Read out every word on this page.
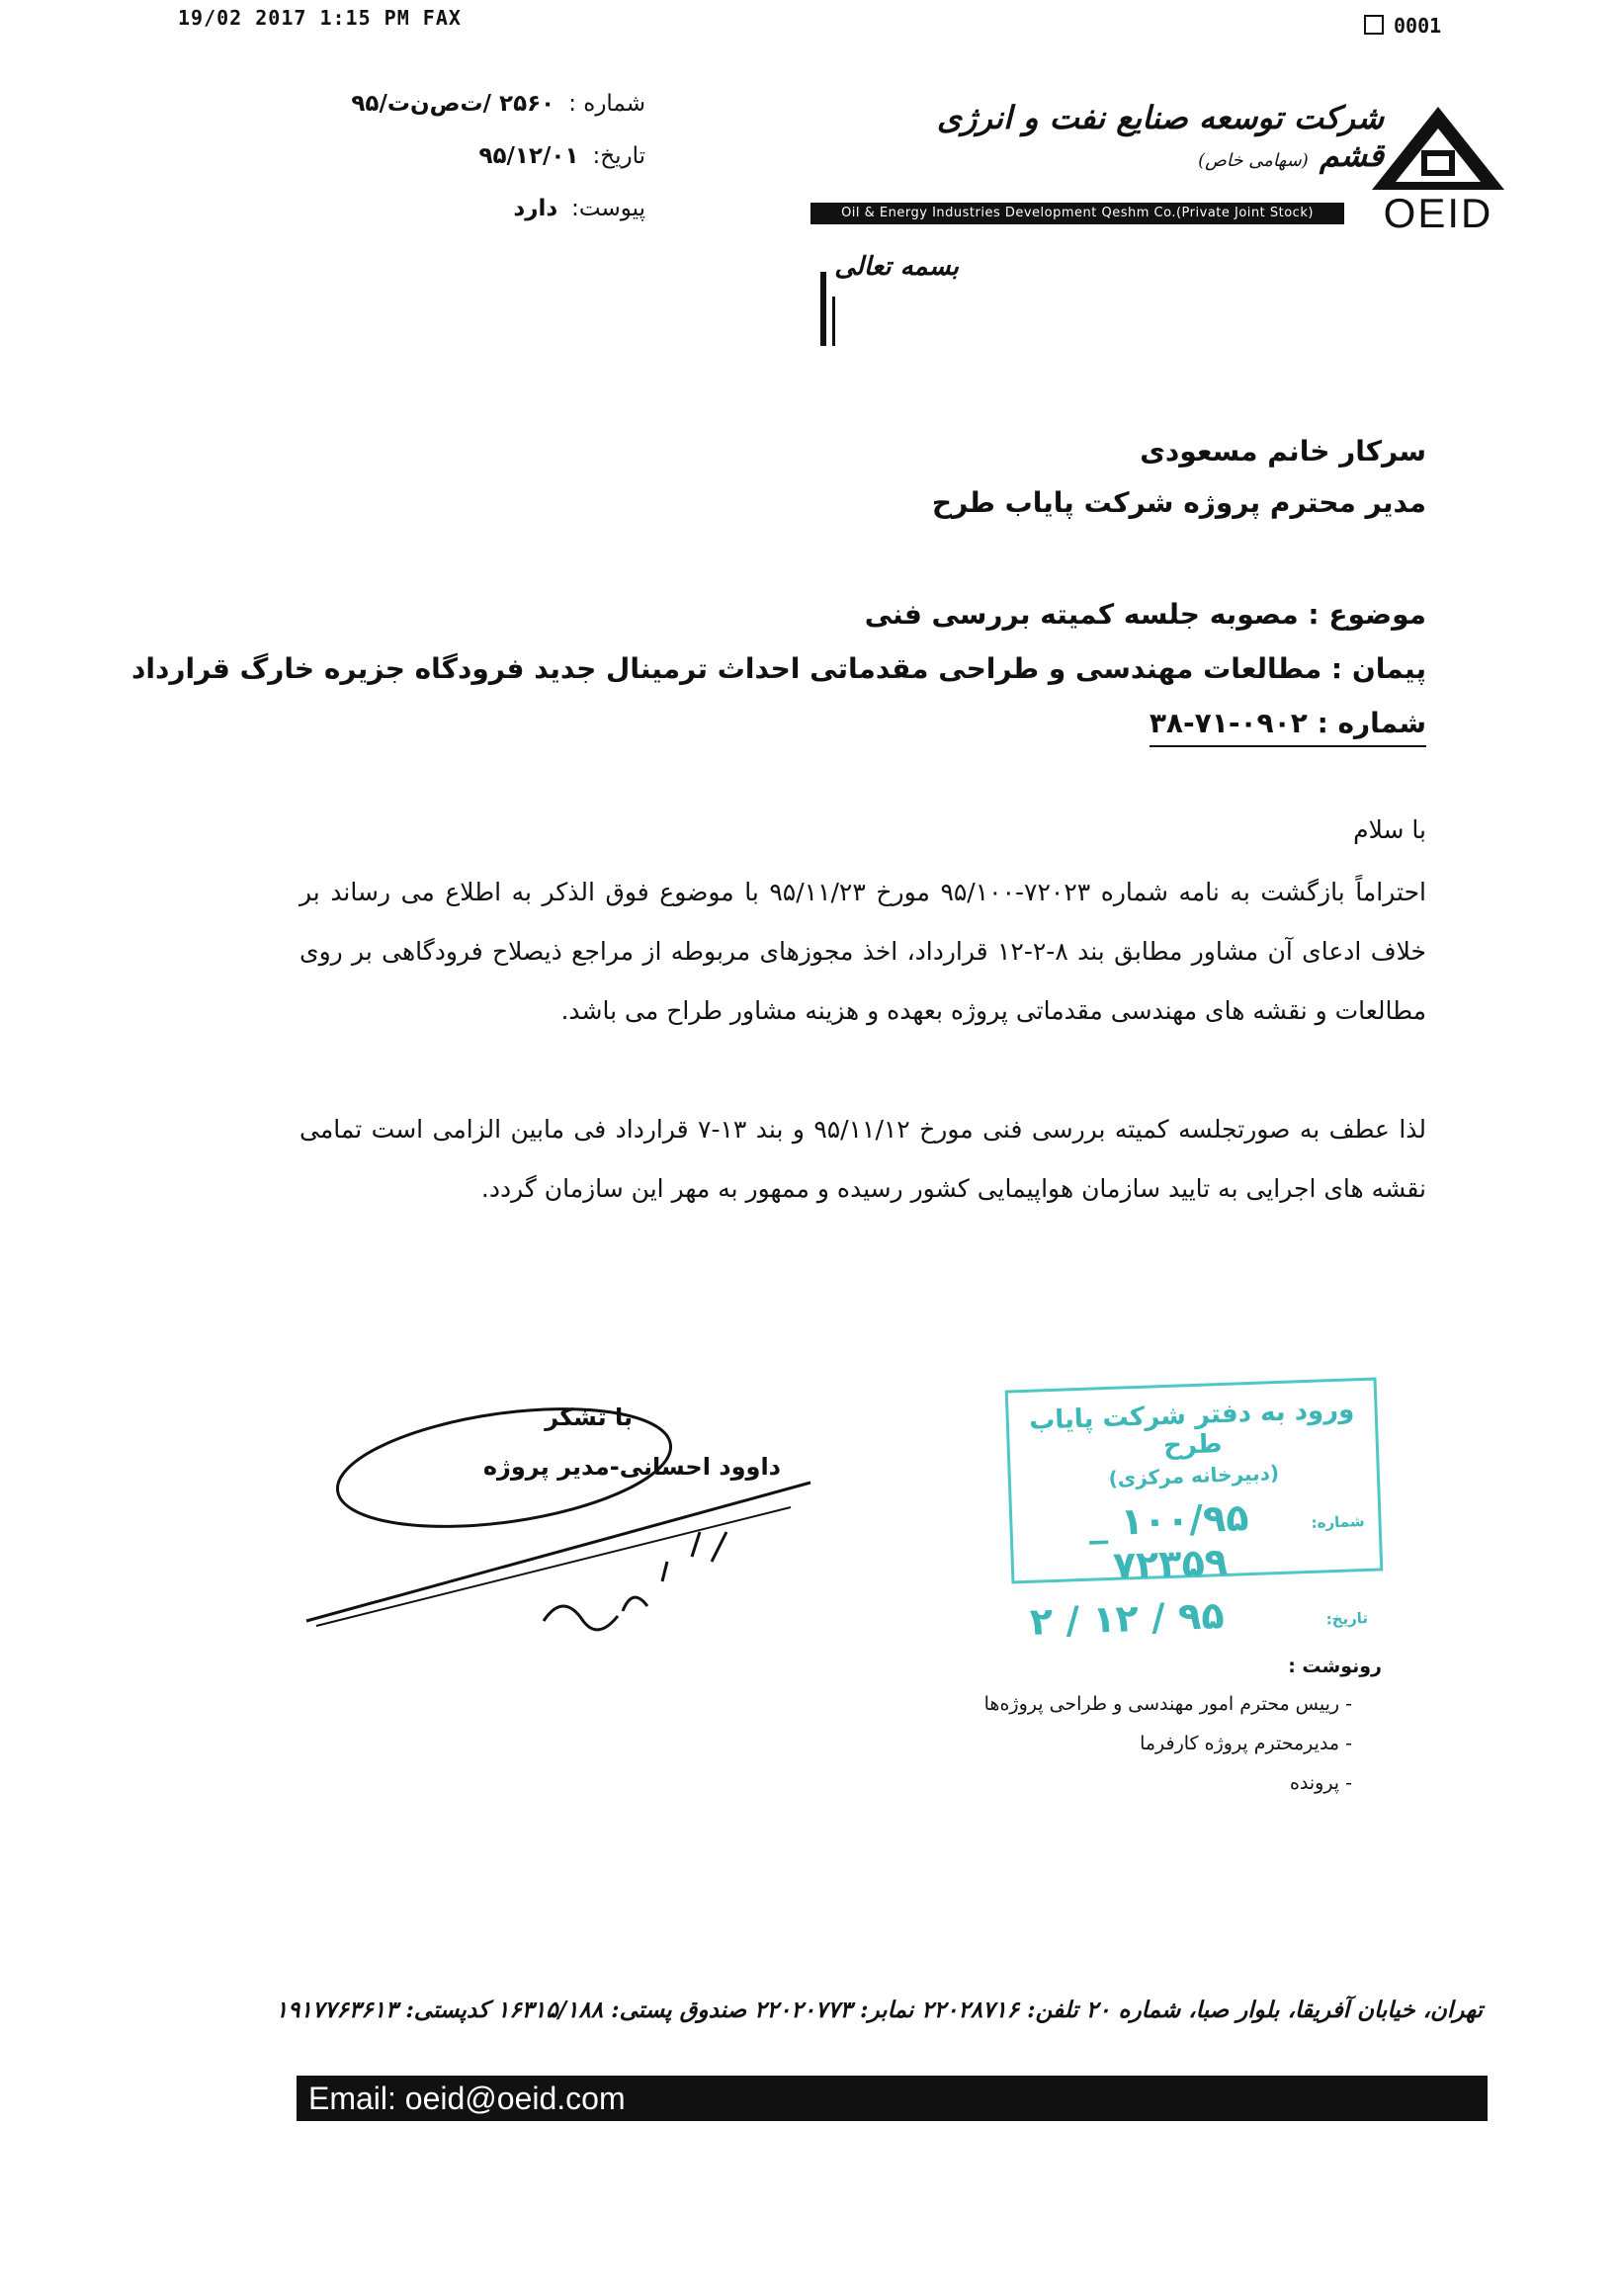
19/02 2017 1:15 PM FAX	0001
شماره :۲۵۶۰ /ت‌ص‌ن‌ت/۹۵
تاریخ:۹۵/۱۲/۰۱
پیوست:دارد
شرکت توسعه صنایع نفت و انرژی قشم (سهامی خاص)
Oil & Energy Industries Development Qeshm Co.(Private Joint Stock)	OEID
بسمه تعالی
سرکار خانم مسعودی
مدیر محترم پروژه شرکت پایاب طرح
موضوع : مصوبه جلسه کمیته بررسی فنی
پیمان : مطالعات مهندسی و طراحی مقدماتی احداث ترمینال جدید فرودگاه جزیره خارگ قرارداد
شماره : ۰۹۰۲-۷۱-۳۸
با سلام
احتراماً بازگشت به نامه شماره ۷۲۰۲۳-۹۵/۱۰۰ مورخ ۹۵/۱۱/۲۳ با موضوع فوق الذکر به اطلاع می رساند بر خلاف ادعای آن مشاور مطابق بند ۸-۲-۱۲ قرارداد، اخذ مجوزهای مربوطه از مراجع ذیصلاح فرودگاهی بر روی مطالعات و نقشه های مهندسی مقدماتی پروژه بعهده و هزینه مشاور طراح می باشد.
لذا عطف به صورتجلسه کمیته بررسی فنی مورخ ۹۵/۱۱/۱۲ و بند ۱۳-۷ قرارداد فی مابین الزامی است تمامی نقشه های اجرایی به تایید سازمان هواپیمایی کشور رسیده و ممهور به مهر این سازمان گردد.
با تشکر
داوود احسانی-مدیر پروژه
ورود به دفتر شرکت پایاب طرح
(دبیرخانه مرکزی)
شماره:
۱۰۰/۹۵ _ ۷۲۳۵۹
تاریخ:
۹۵ / ۱۲ / ۲
رونوشت :
- رییس محترم امور مهندسی و طراحی پروژه‌ها
- مدیرمحترم پروژه کارفرما
- پرونده
تهران، خیابان آفریقا، بلوار صبا، شماره ۲۰ تلفن: ۲۲۰۲۸۷۱۶ نمابر: ۲۲۰۲۰۷۷۳ صندوق پستی: ۱۶۳۱۵/۱۸۸ کدپستی: ۱۹۱۷۷۶۳۶۱۳
Email: oeid@oeid.com
